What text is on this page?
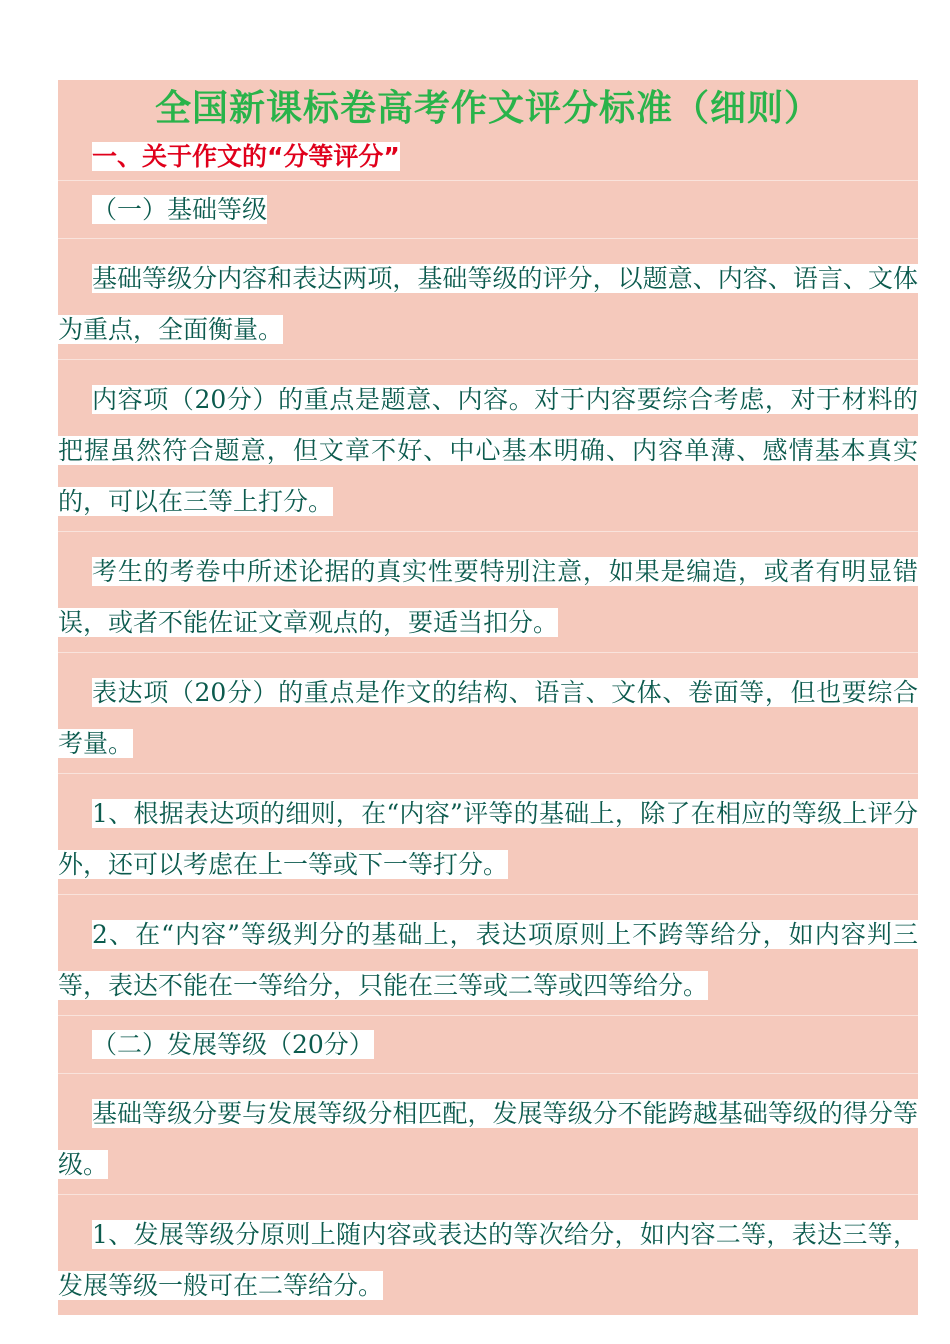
全国新课标卷高考作文评分标准（细则）
一、关于作文的“分等评分”
（一）基础等级

基础等级分内容和表达两项，基础等级的评分，以题意、内容、语言、文体为重点，全面衡量。

内容项（20分）的重点是题意、内容。对于内容要综合考虑，对于材料的把握虽然符合题意，但文章不好、中心基本明确、内容单薄、感情基本真实的，可以在三等上打分。

考生的考卷中所述论据的真实性要特别注意，如果是编造，或者有明显错误，或者不能佐证文章观点的，要适当扣分。

表达项（20分）的重点是作文的结构、语言、文体、卷面等，但也要综合考量。

1、根据表达项的细则，在“内容”评等的基础上，除了在相应的等级上评分外，还可以考虑在上一等或下一等打分。

2、在“内容”等级判分的基础上，表达项原则上不跨等给分，如内容判三等，表达不能在一等给分，只能在三等或二等或四等给分。

（二）发展等级（20分）

基础等级分要与发展等级分相匹配，发展等级分不能跨越基础等级的得分等级。

1、发展等级分原则上随内容或表达的等次给分，如内容二等，表达三等，发展等级一般可在二等给分。
